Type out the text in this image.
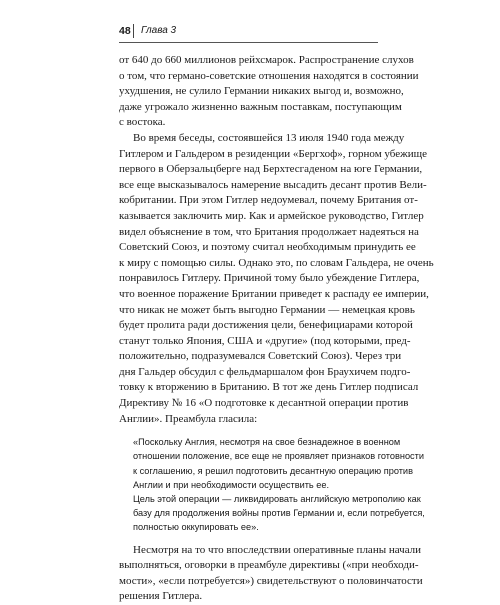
48 Глава 3
от 640 до 660 миллионов рейхсмарок. Распространение слухов
о том, что германо-советские отношения находятся в состоянии
ухудшения, не сулило Германии никаких выгод и, возможно,
даже угрожало жизненно важным поставкам, поступающим
с востока.
Во время беседы, состоявшейся 13 июля 1940 года между
Гитлером и Гальдером в резиденции «Бергхоф», горном убежище
первого в Оберзальцберге над Берхтесгаденом на юге Германии,
все еще высказывалось намерение высадить десант против Вели-
кобритании. При этом Гитлер недоумевал, почему Британия от-
казывается заключить мир. Как и армейское руководство, Гитлер
видел объяснение в том, что Британия продолжает надеяться на
Советский Союз, и поэтому считал необходимым принудить ее
к миру с помощью силы. Однако это, по словам Гальдера, не очень
понравилось Гитлеру. Причиной тому было убеждение Гитлера,
что военное поражение Британии приведет к распаду ее империи,
что никак не может быть выгодно Германии — немецкая кровь
будет пролита ради достижения цели, бенефициарами которой
станут только Япония, США и «другие» (под которыми, пред-
положительно, подразумевался Советский Союз). Через три
дня Гальдер обсудил с фельдмаршалом фон Браухичем подго-
товку к вторжению в Британию. В тот же день Гитлер подписал
Директиву № 16 «О подготовке к десантной операции против
Англии». Преамбула гласила:
«Поскольку Англия, несмотря на свое безнадежное в военном
отношении положение, все еще не проявляет признаков готовности
к соглашению, я решил подготовить десантную операцию против
Англии и при необходимости осуществить ее.
Цель этой операции — ликвидировать английскую метрополию как
базу для продолжения войны против Германии и, если потребуется,
полностью оккупировать ее».
Несмотря на то что впоследствии оперативные планы начали
выполняться, оговорки в преамбуле директивы («при необходи-
мости», «если потребуется») свидетельствуют о половинчатости
решения Гитлера.
